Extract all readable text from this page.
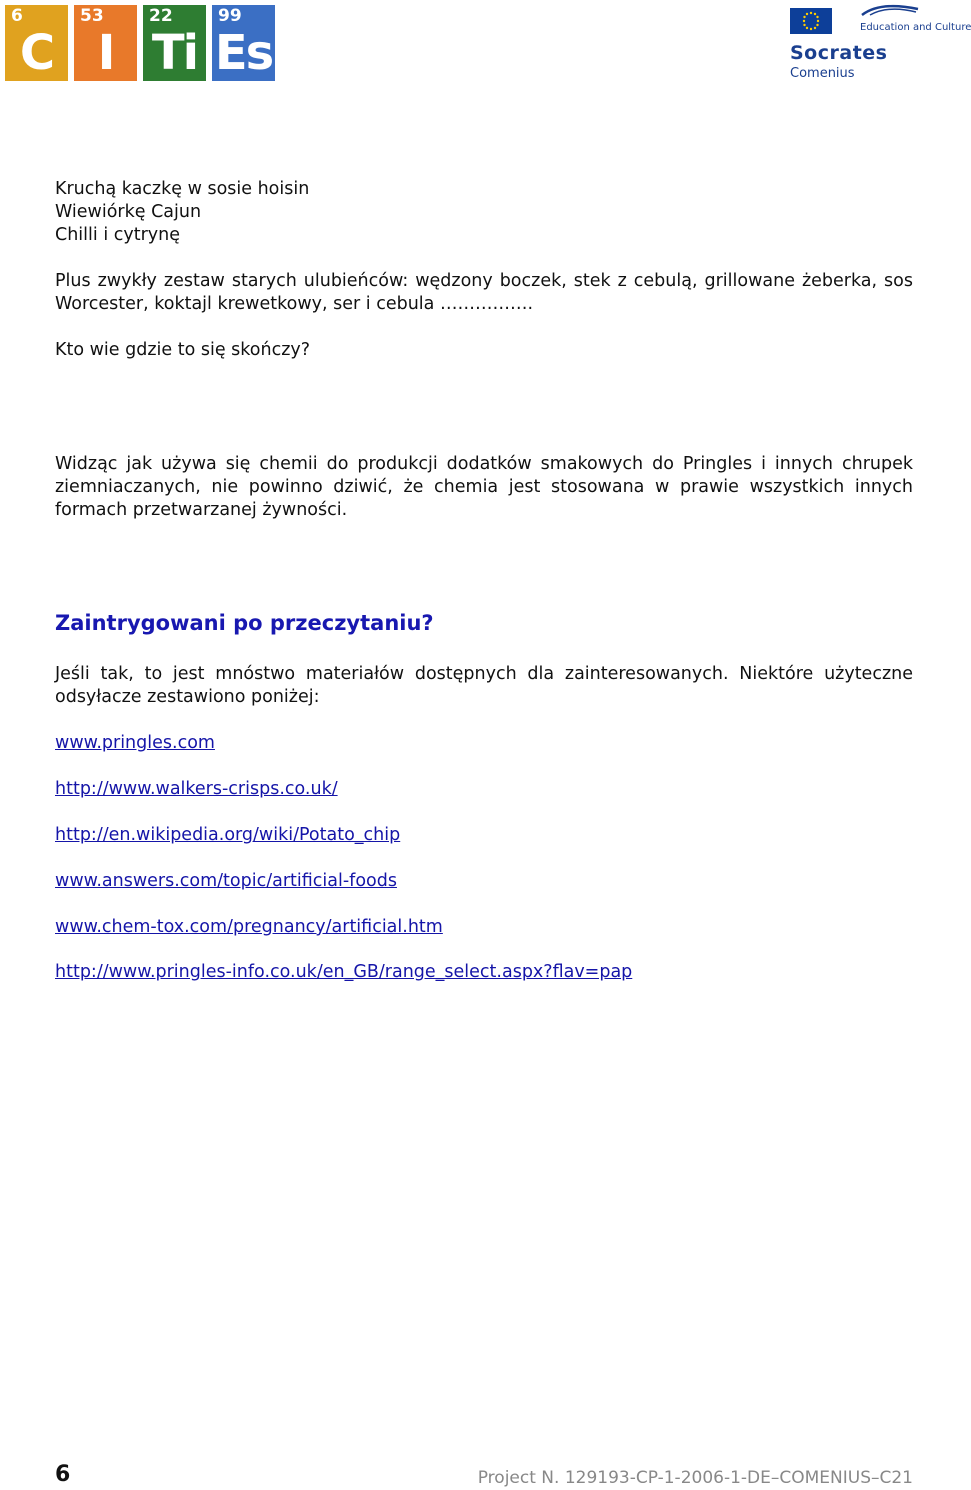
6
C
53
I
22
Ti
99
Es	Education and Culture
Socrates
Comenius
Kruchą kaczkę w sosie hoisin
Wiewiórkę Cajun
Chilli i cytrynę

Plus zwykły zestaw starych ulubieńców: wędzony boczek, stek z cebulą, grillowane żeberka, sos Worcester, koktajl krewetkowy, ser i cebula …………….

Kto wie gdzie to się skończy?

Widząc jak używa się chemii do produkcji dodatków smakowych do Pringles i innych chrupek ziemniaczanych, nie powinno dziwić, że chemia jest stosowana w prawie wszystkich innych formach przetwarzanej żywności.

Zaintrygowani po przeczytaniu?

Jeśli tak, to jest mnóstwo materiałów dostępnych dla zainteresowanych. Niektóre użyteczne odsyłacze zestawiono poniżej:

www.pringles.com
http://www.walkers-crisps.co.uk/
http://en.wikipedia.org/wiki/Potato_chip
www.answers.com/topic/artificial-foods
www.chem-tox.com/pregnancy/artificial.htm
http://www.pringles-info.co.uk/en_GB/range_select.aspx?flav=pap
6	Project N. 129193-CP-1-2006-1-DE–COMENIUS–C21
